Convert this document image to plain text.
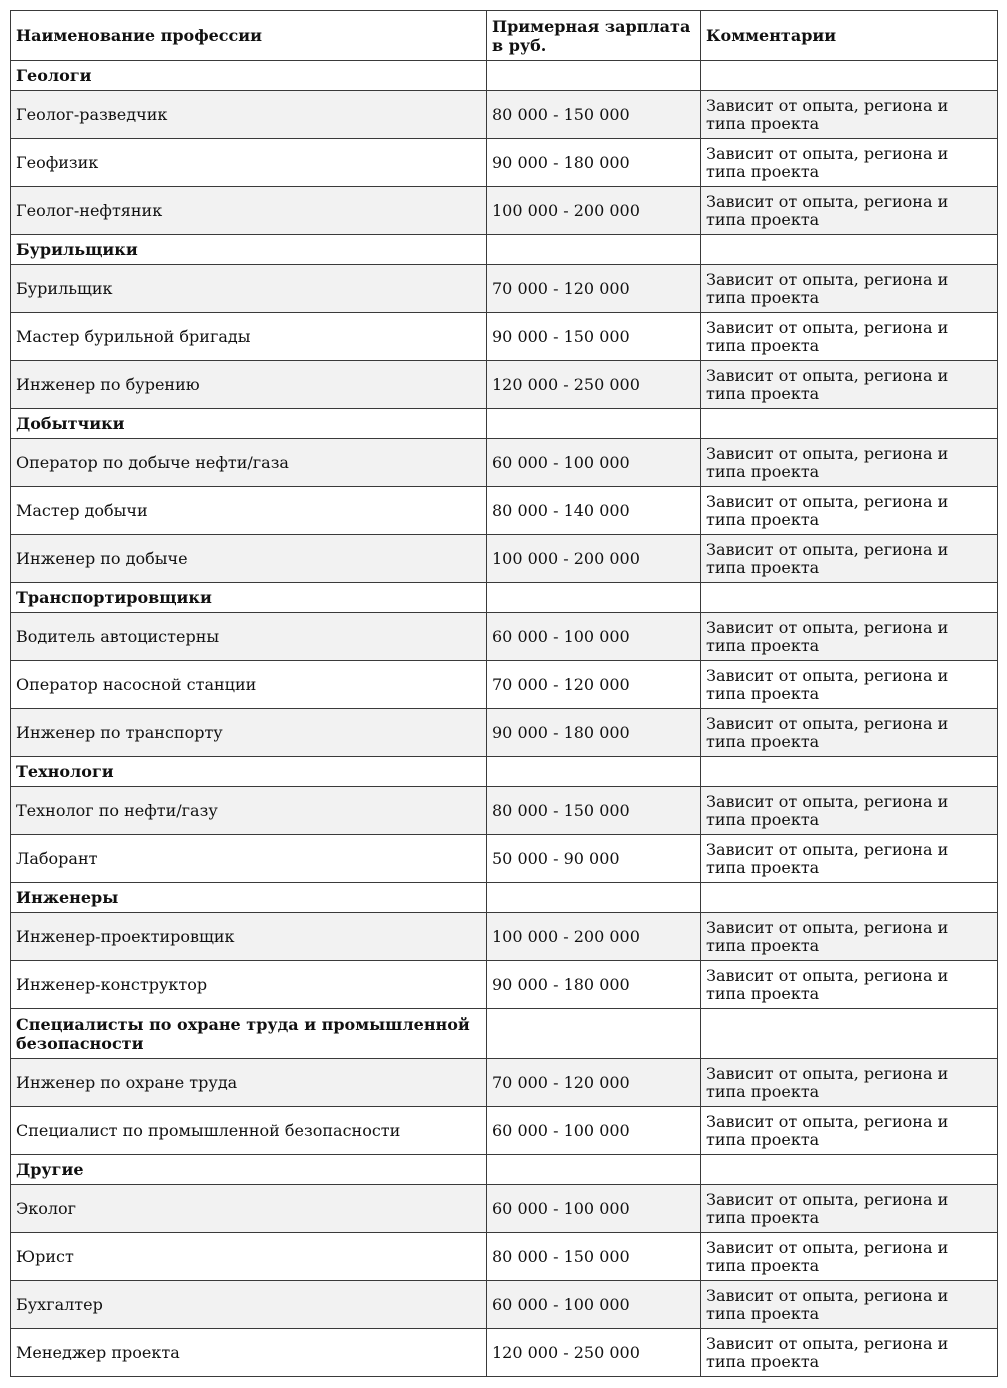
Наименование профессии	Примерная зарплата в руб.	Комментарии
Геологи		
Геолог-разведчик	80 000 - 150 000	Зависит от опыта, региона и типа проекта
Геофизик	90 000 - 180 000	Зависит от опыта, региона и типа проекта
Геолог-нефтяник	100 000 - 200 000	Зависит от опыта, региона и типа проекта
Бурильщики		
Бурильщик	70 000 - 120 000	Зависит от опыта, региона и типа проекта
Мастер бурильной бригады	90 000 - 150 000	Зависит от опыта, региона и типа проекта
Инженер по бурению	120 000 - 250 000	Зависит от опыта, региона и типа проекта
Добытчики		
Оператор по добыче нефти/газа	60 000 - 100 000	Зависит от опыта, региона и типа проекта
Мастер добычи	80 000 - 140 000	Зависит от опыта, региона и типа проекта
Инженер по добыче	100 000 - 200 000	Зависит от опыта, региона и типа проекта
Транспортировщики		
Водитель автоцистерны	60 000 - 100 000	Зависит от опыта, региона и типа проекта
Оператор насосной станции	70 000 - 120 000	Зависит от опыта, региона и типа проекта
Инженер по транспорту	90 000 - 180 000	Зависит от опыта, региона и типа проекта
Технологи		
Технолог по нефти/газу	80 000 - 150 000	Зависит от опыта, региона и типа проекта
Лаборант	50 000 - 90 000	Зависит от опыта, региона и типа проекта
Инженеры		
Инженер-проектировщик	100 000 - 200 000	Зависит от опыта, региона и типа проекта
Инженер-конструктор	90 000 - 180 000	Зависит от опыта, региона и типа проекта
Специалисты по охране труда и промышленной безопасности		
Инженер по охране труда	70 000 - 120 000	Зависит от опыта, региона и типа проекта
Специалист по промышленной безопасности	60 000 - 100 000	Зависит от опыта, региона и типа проекта
Другие		
Эколог	60 000 - 100 000	Зависит от опыта, региона и типа проекта
Юрист	80 000 - 150 000	Зависит от опыта, региона и типа проекта
Бухгалтер	60 000 - 100 000	Зависит от опыта, региона и типа проекта
Менеджер проекта	120 000 - 250 000	Зависит от опыта, региона и типа проекта
